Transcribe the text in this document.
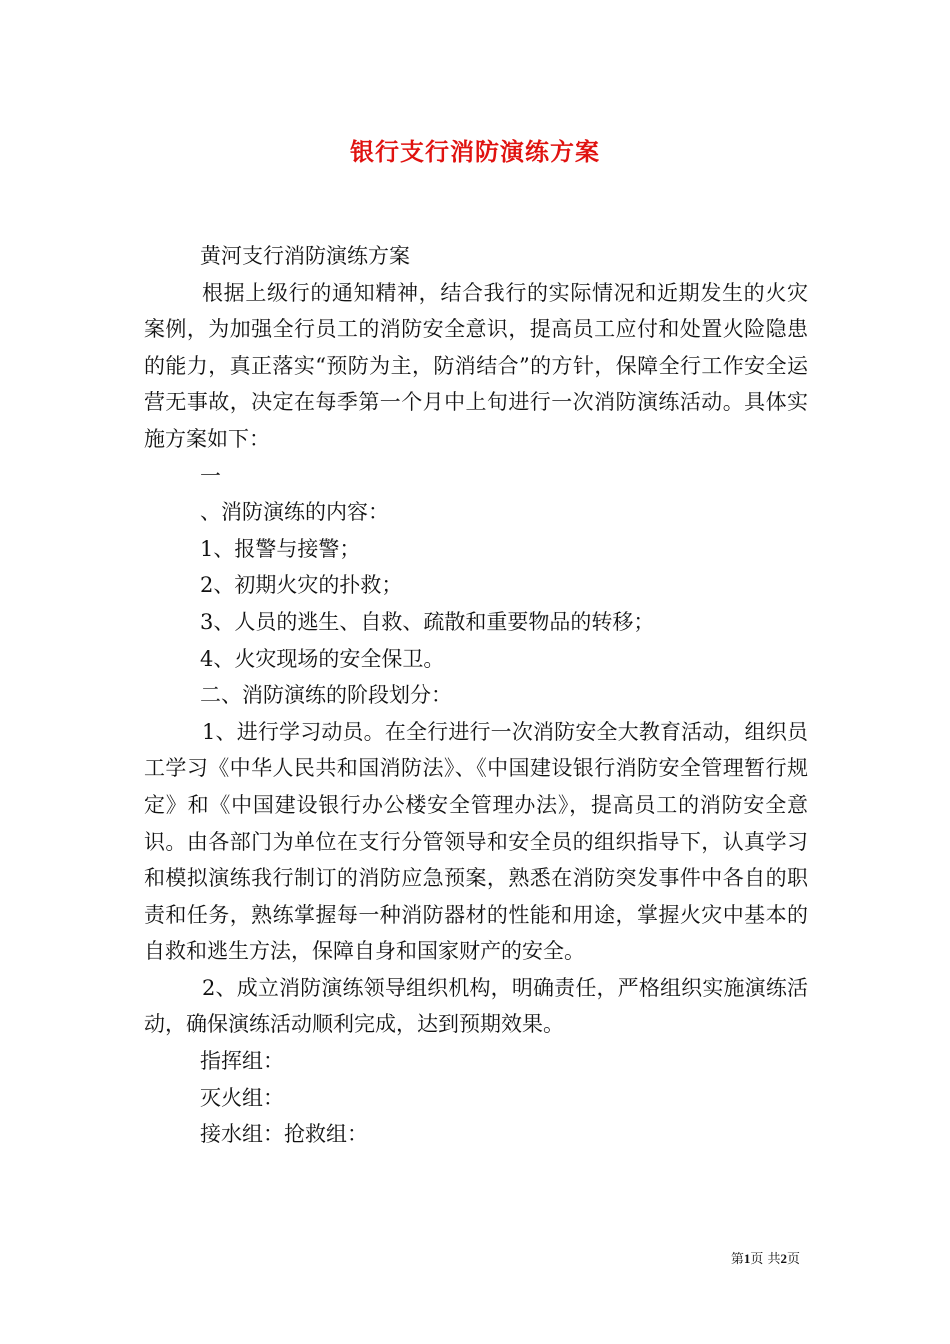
银行支行消防演练方案

黄河支行消防演练方案

根据上级行的通知精神，结合我行的实际情况和近期发生的火灾案例，为加强全行员工的消防安全意识，提高员工应付和处置火险隐患的能力，真正落实“预防为主，防消结合”的方针，保障全行工作安全运营无事故，决定在每季第一个月中上旬进行一次消防演练活动。具体实施方案如下：

一

、消防演练的内容：

1、报警与接警；

2、初期火灾的扑救；

3、人员的逃生、自救、疏散和重要物品的转移；

4、火灾现场的安全保卫。

二、消防演练的阶段划分：

1、进行学习动员。在全行进行一次消防安全大教育活动，组织员工学习《中华人民共和国消防法》、《中国建设银行消防安全管理暂行规定》和《中国建设银行办公楼安全管理办法》，提高员工的消防安全意识。由各部门为单位在支行分管领导和安全员的组织指导下，认真学习和模拟演练我行制订的消防应急预案，熟悉在消防突发事件中各自的职责和任务，熟练掌握每一种消防器材的性能和用途，掌握火灾中基本的自救和逃生方法，保障自身和国家财产的安全。

2、成立消防演练领导组织机构，明确责任，严格组织实施演练活动，确保演练活动顺利完成，达到预期效果。

指挥组：

灭火组：

接水组：抢救组：

第1页 共2页
